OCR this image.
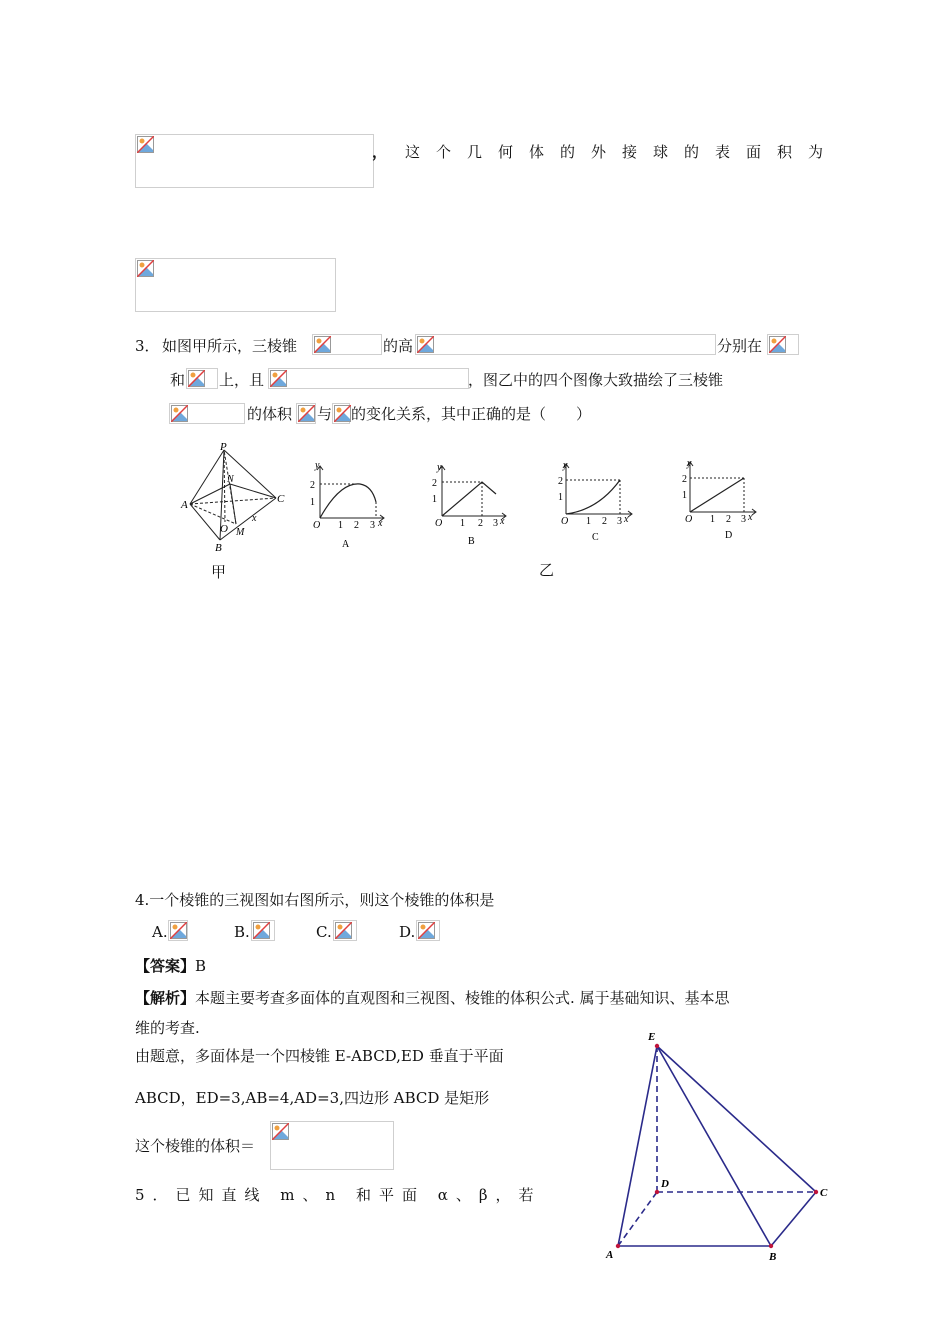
， 这个几何体的外接球的表面积为
3． 如图甲所示，三棱锥	的高	分别在
和 上，且	，图乙中的四个图像大致描绘了三棱锥
的体积 与 的变化关系，其中正确的是（　　）
P
A
B
C
N
O M
x
甲
y
2
1
O 1 2 3 x
A
y
2
1
O 1 2 3 x
B
y
2
1
O 1 2 3 x
C
y
2
1
O 1 2 3 x
D
乙
4.一个棱锥的三视图如右图所示，则这个棱锥的体积是
A.	B.	C.	D.
【答案】B
【解析】本题主要考查多面体的直观图和三视图、棱锥的体积公式. 属于基础知识、基本思
维的考查.
由题意，多面体是一个四棱锥 E-ABCD,ED 垂直于平面
ABCD，ED=3,AB=4,AD=3,四边形 ABCD 是矩形
这个棱锥的体积＝
5．已知直线 m、n 和平面 α、β，若
E
D
C
A	B
